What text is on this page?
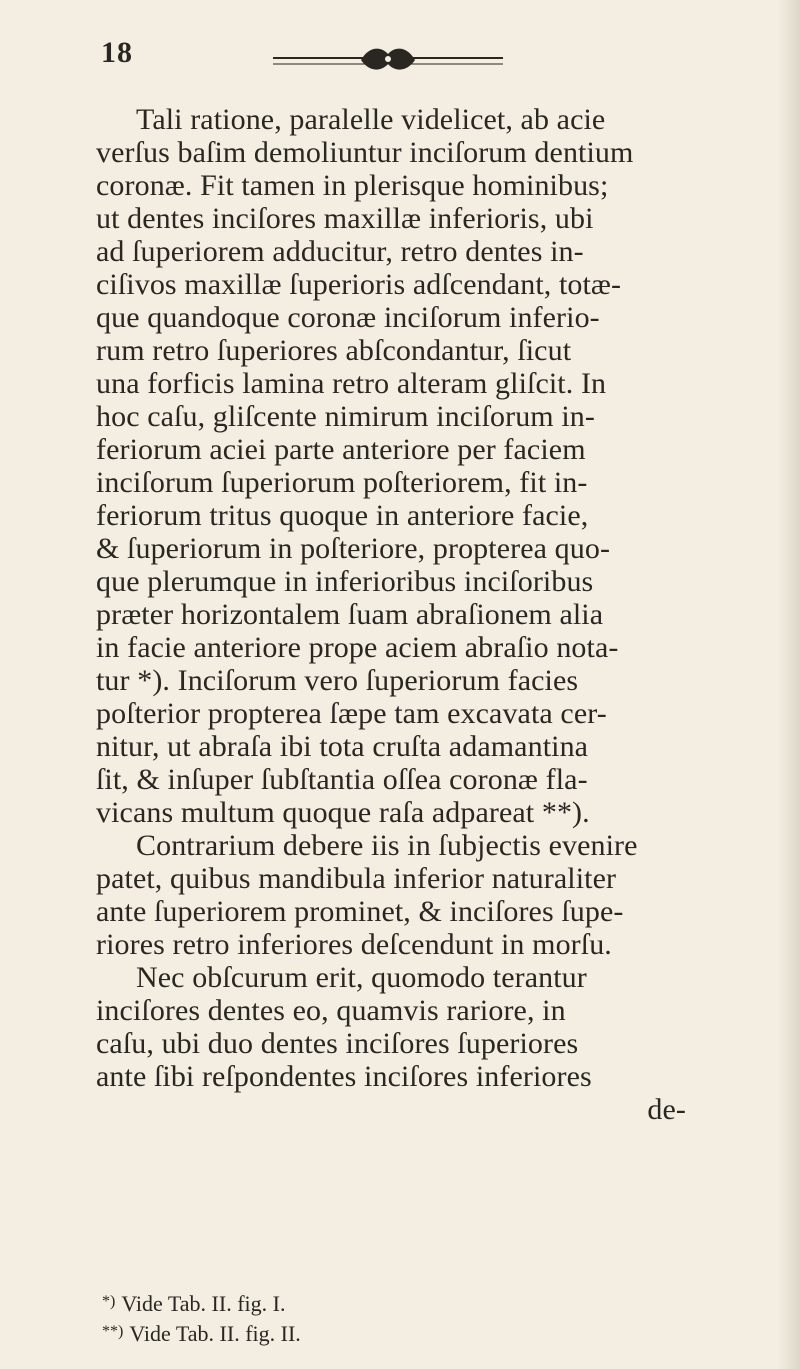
18
Tali ratione, paralelle videlicet, ab acie
verſus baſim demoliuntur inciſorum dentium
coronæ. Fit tamen in plerisque hominibus;
ut dentes inciſores maxillæ inferioris, ubi
ad ſuperiorem adducitur, retro dentes in-
ciſivos maxillæ ſuperioris adſcendant, totæ-
que quandoque coronæ inciſorum inferio-
rum retro ſuperiores abſcondantur, ſicut
una forficis lamina retro alteram gliſcit. In
hoc caſu, gliſcente nimirum inciſorum in-
feriorum aciei parte anteriore per faciem
inciſorum ſuperiorum poſteriorem, fit in-
feriorum tritus quoque in anteriore facie,
& ſuperiorum in poſteriore, propterea quo-
que plerumque in inferioribus inciſoribus
præter horizontalem ſuam abraſionem alia
in facie anteriore prope aciem abraſio nota-
tur *). Inciſorum vero ſuperiorum facies
poſterior propterea ſæpe tam excavata cer-
nitur, ut abraſa ibi tota cruſta adamantina
ſit, & inſuper ſubſtantia oſſea coronæ fla-
vicans multum quoque raſa adpareat **).
Contrarium debere iis in ſubjectis evenire
patet, quibus mandibula inferior naturaliter
ante ſuperiorem prominet, & inciſores ſupe-
riores retro inferiores deſcendunt in morſu.
Nec obſcurum erit, quomodo terantur
inciſores dentes eo, quamvis rariore, in
caſu, ubi duo dentes inciſores ſuperiores
ante ſibi reſpondentes inciſores inferiores
de-
*) Vide Tab. II. fig. I.
**) Vide Tab. II. fig. II.
